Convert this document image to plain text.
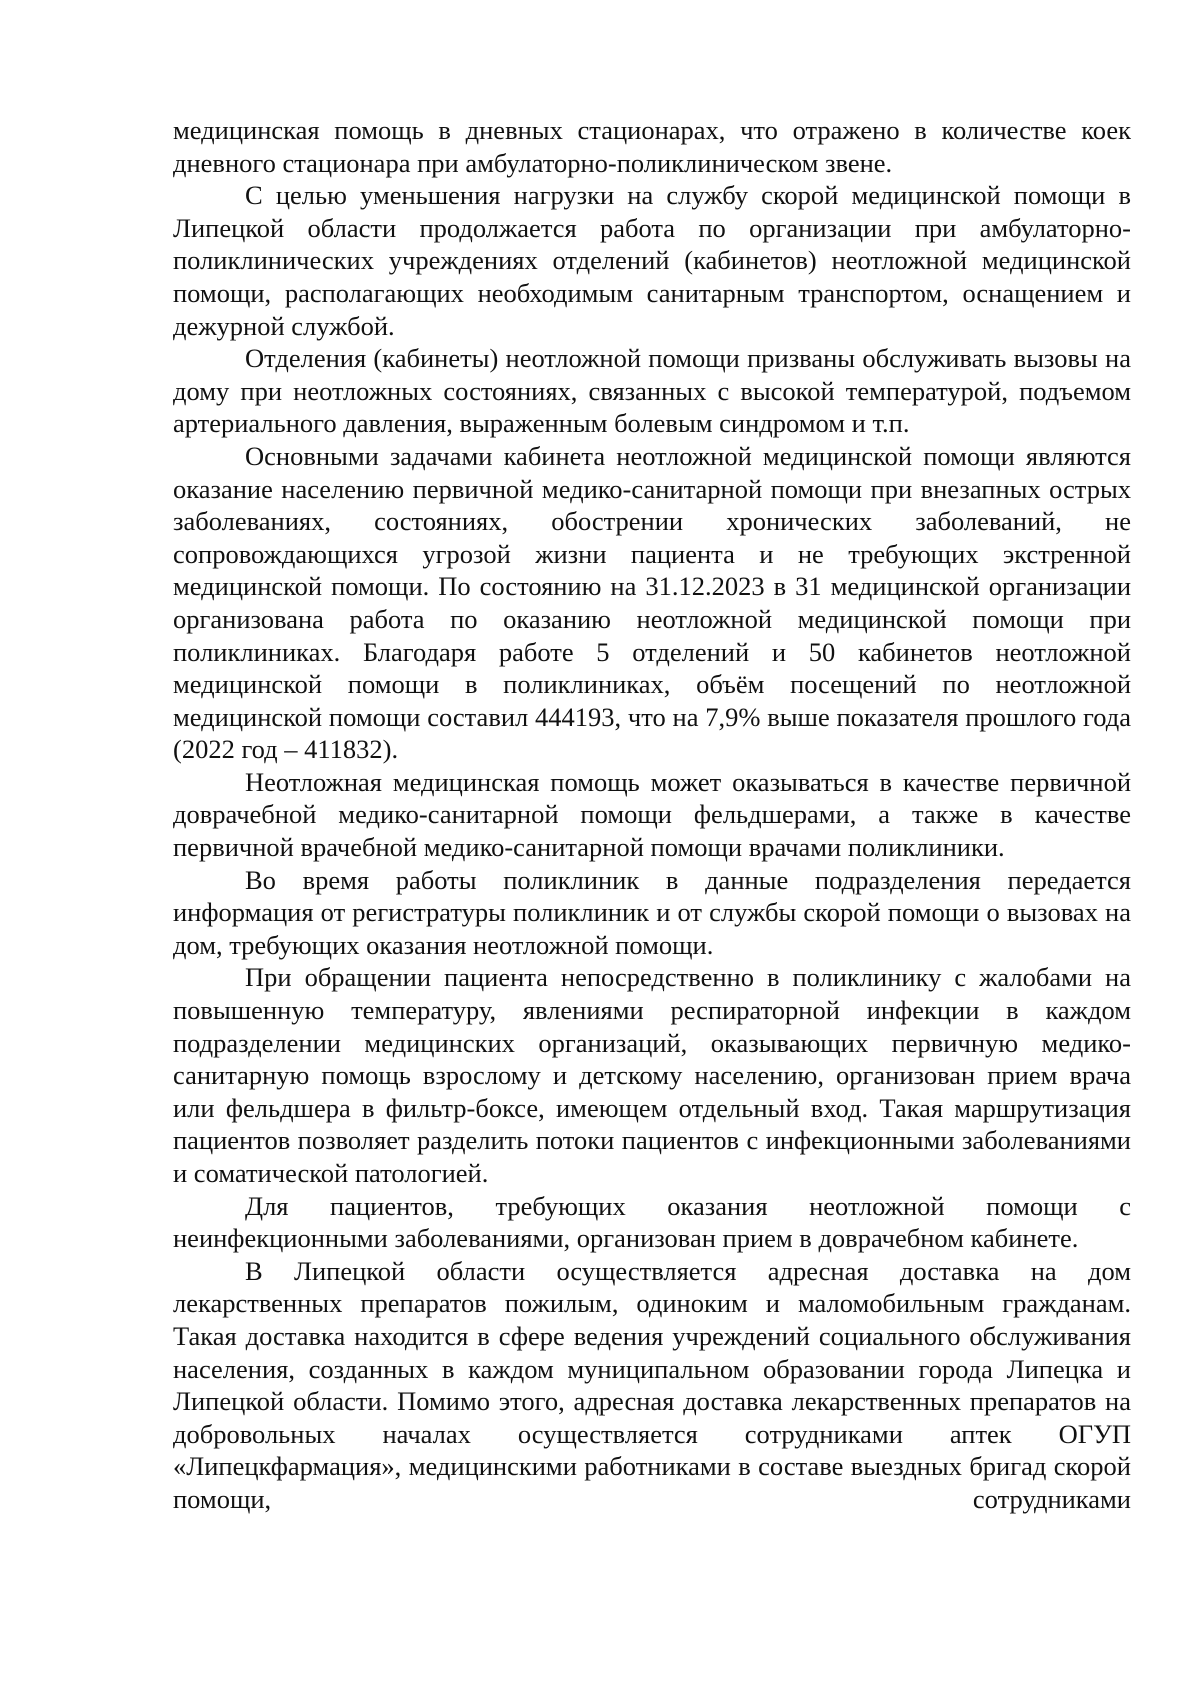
медицинская помощь в дневных стационарах, что отражено в количестве коек дневного стационара при амбулаторно-поликлиническом звене.

С целью уменьшения нагрузки на службу скорой медицинской помощи в Липецкой области продолжается работа по организации при амбулаторно-поликлинических учреждениях отделений (кабинетов) неотложной медицинской помощи, располагающих необходимым санитарным транспортом, оснащением и дежурной службой.

Отделения (кабинеты) неотложной помощи призваны обслуживать вызовы на дому при неотложных состояниях, связанных с высокой температурой, подъемом артериального давления, выраженным болевым синдромом и т.п.

Основными задачами кабинета неотложной медицинской помощи являются оказание населению первичной медико-санитарной помощи при внезапных острых заболеваниях, состояниях, обострении хронических заболеваний, не сопровождающихся угрозой жизни пациента и не требующих экстренной медицинской помощи. По состоянию на 31.12.2023 в 31 медицинской организации организована работа по оказанию неотложной медицинской помощи при поликлиниках. Благодаря работе 5 отделений и 50 кабинетов неотложной медицинской помощи в поликлиниках, объём посещений по неотложной медицинской помощи составил 444193, что на 7,9% выше показателя прошлого года (2022 год – 411832).

Неотложная медицинская помощь может оказываться в качестве первичной доврачебной медико-санитарной помощи фельдшерами, а также в качестве первичной врачебной медико-санитарной помощи врачами поликлиники.

Во время работы поликлиник в данные подразделения передается информация от регистратуры поликлиник и от службы скорой помощи о вызовах на дом, требующих оказания неотложной помощи.

При обращении пациента непосредственно в поликлинику с жалобами на повышенную температуру, явлениями респираторной инфекции в каждом подразделении медицинских организаций, оказывающих первичную медико-санитарную помощь взрослому и детскому населению, организован прием врача или фельдшера в фильтр-боксе, имеющем отдельный вход. Такая маршрутизация пациентов позволяет разделить потоки пациентов с инфекционными заболеваниями и соматической патологией.

Для пациентов, требующих оказания неотложной помощи с неинфекционными заболеваниями, организован прием в доврачебном кабинете.

В Липецкой области осуществляется адресная доставка на дом лекарственных препаратов пожилым, одиноким и маломобильным гражданам. Такая доставка находится в сфере ведения учреждений социального обслуживания населения, созданных в каждом муниципальном образовании города Липецка и Липецкой области. Помимо этого, адресная доставка лекарственных препаратов на добровольных началах осуществляется сотрудниками аптек ОГУП «Липецкфармация», медицинскими работниками в составе выездных бригад скорой помощи, сотрудниками
